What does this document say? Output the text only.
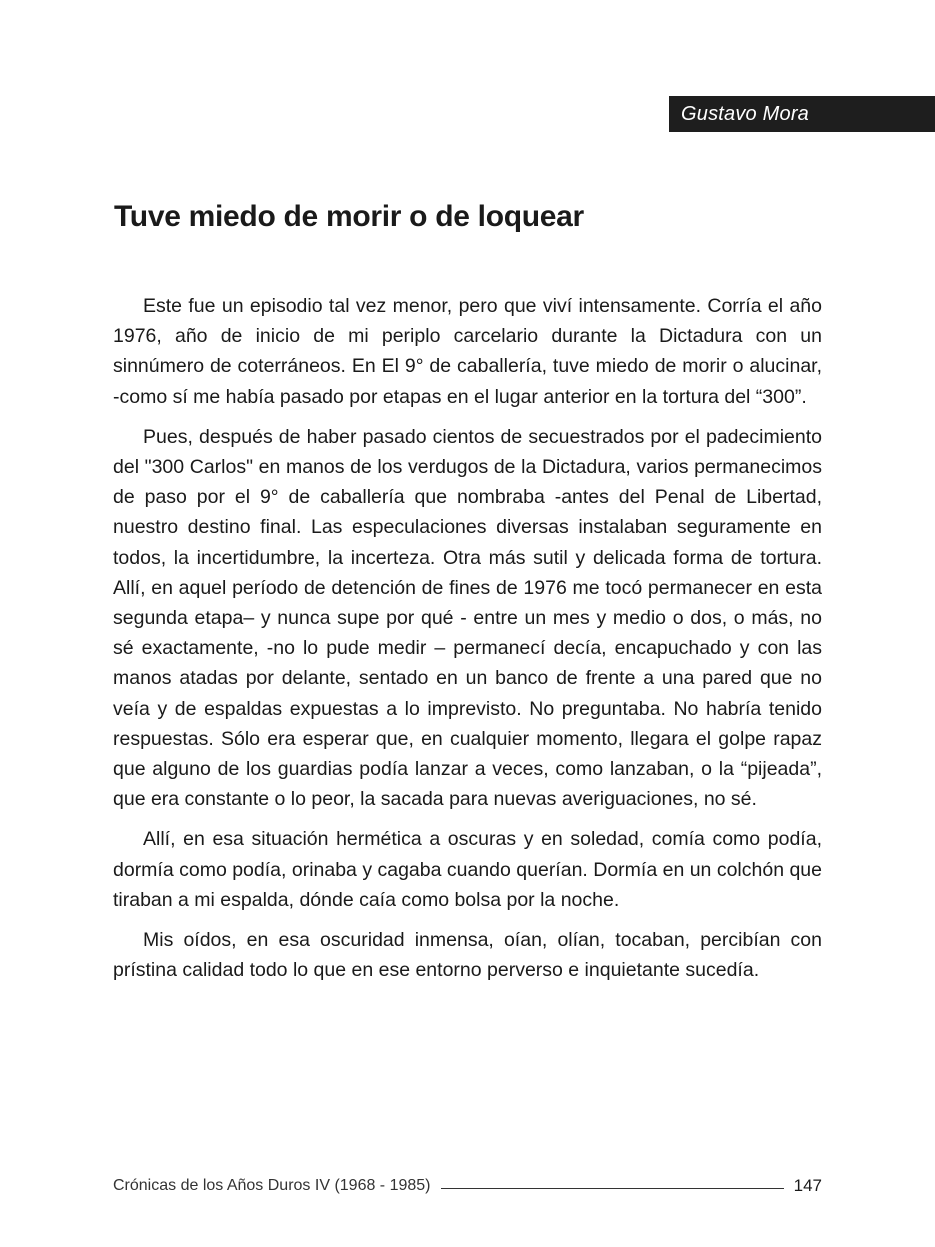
Gustavo Mora
Tuve miedo de morir o de loquear

Este fue un episodio tal vez menor, pero que viví intensamente. Corría el año 1976, año de inicio de mi periplo carcelario durante la Dictadura con un sinnúmero de coterráneos. En El 9° de caballería, tuve miedo de morir o alucinar, -como sí me había pasado por etapas en el lugar anterior en la tortura del “300”.

Pues, después de haber pasado cientos de secuestrados por el padecimiento del "300 Carlos" en manos de los verdugos de la Dictadura, varios permanecimos de paso por el 9° de caballería que nombraba -antes del Penal de Libertad, nuestro destino final. Las especulaciones diversas instalaban seguramente en todos, la incertidumbre, la incerteza. Otra más sutil y delicada forma de tortura. Allí, en aquel período de detención de fines de 1976 me tocó permanecer en esta segunda etapa– y nunca supe por qué - entre un mes y medio o dos, o más, no sé exactamente, -no lo pude medir – permanecí decía, encapuchado y con las manos atadas por delante, sentado en un banco de frente a una pared que no veía y de espaldas expuestas a lo imprevisto. No preguntaba. No habría tenido respuestas. Sólo era esperar que, en cualquier momento, llegara el golpe rapaz que alguno de los guardias podía lanzar a veces, como lanzaban, o la “pijeada”, que era constante o lo peor, la sacada para nuevas averiguaciones, no sé.

Allí, en esa situación hermética a oscuras y en soledad, comía como podía, dormía como podía, orinaba y cagaba cuando querían. Dormía en un colchón que tiraban a mi espalda, dónde caía como bolsa por la noche.

Mis oídos, en esa oscuridad inmensa, oían, olían, tocaban, percibían con prístina calidad todo lo que en ese entorno perverso e inquietante sucedía.

Crónicas de los Años Duros IV (1968 - 1985)	147
